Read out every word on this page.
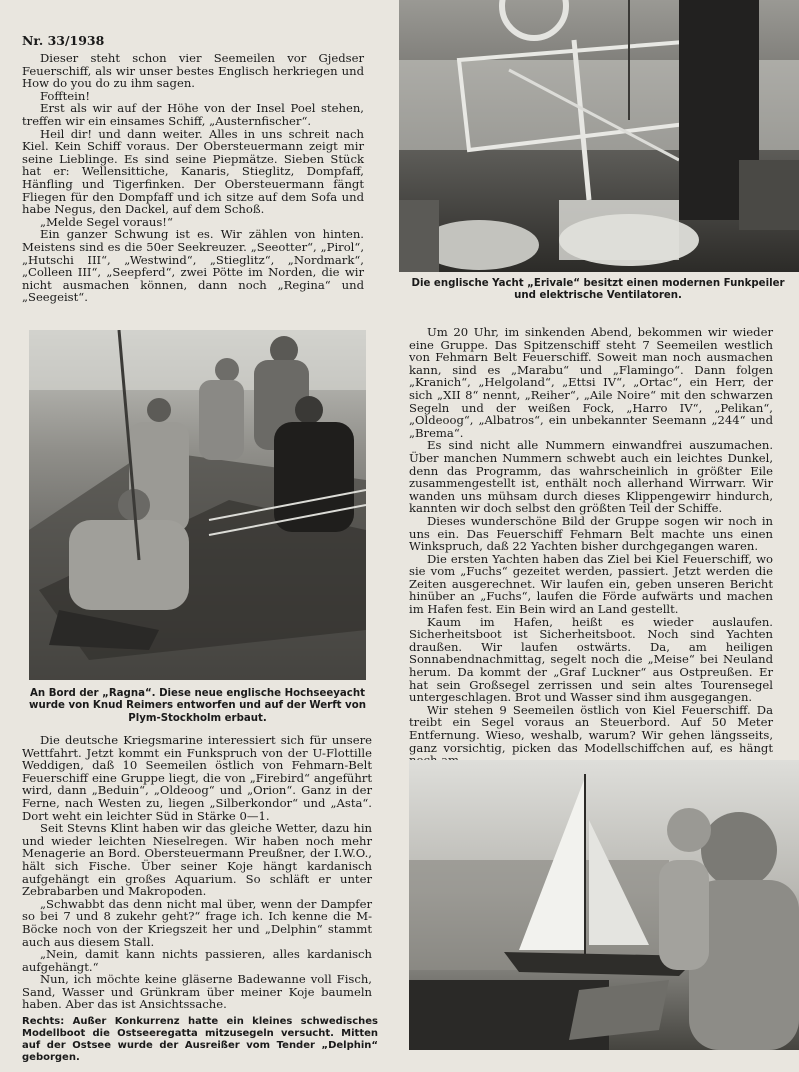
Nr. 33/1938

Dieser steht schon vier Seemeilen vor Gjedser Feuerschiff, als wir unser bestes Englisch herkriegen und How do you do zu ihm sagen.

Fofftein!

Erst als wir auf der Höhe von der Insel Poel stehen, treffen wir ein einsames Schiff, „Austernfischer“.

Heil dir! und dann weiter. Alles in uns schreit nach Kiel. Kein Schiff voraus. Der Obersteuermann zeigt mir seine Lieblinge. Es sind seine Piepmätze. Sieben Stück hat er: Wellensittiche, Kanaris, Stieglitz, Dompfaff, Hänfling und Tigerfinken. Der Obersteuermann fängt Fliegen für den Dompfaff und ich sitze auf dem Sofa und habe Negus, den Dackel, auf dem Schoß.

„Melde Segel voraus!“

Ein ganzer Schwung ist es. Wir zählen von hinten. Meistens sind es die 50er Seekreuzer. „Seeotter“, „Pirol“, „Hutschi III“, „Westwind“, „Stieglitz“, „Nordmark“, „Colleen III“, „Seepferd“, zwei Pötte im Norden, die wir nicht ausmachen können, dann noch „Regina“ und „Seegeist“.

An Bord der „Ragna“. Diese neue englische Hochseeyacht wurde von Knud Reimers entworfen und auf der Werft von Plym-Stockholm erbaut.

Die deutsche Kriegsmarine interessiert sich für unsere Wettfahrt. Jetzt kommt ein Funkspruch von der U-Flottille Weddigen, daß 10 Seemeilen östlich von Fehmarn-Belt Feuerschiff eine Gruppe liegt, die von „Firebird“ angeführt wird, dann „Beduin“, „Oldeoog“ und „Orion“. Ganz in der Ferne, nach Westen zu, liegen „Silberkondor“ und „Asta“. Dort weht ein leichter Süd in Stärke 0—1.

Seit Stevns Klint haben wir das gleiche Wetter, dazu hin und wieder leichten Nieselregen. Wir haben noch mehr Menagerie an Bord. Obersteuermann Preußner, der I.W.O., hält sich Fische. Über seiner Koje hängt kardanisch aufgehängt ein großes Aquarium. So schläft er unter Zebrabarben und Makropoden.

„Schwabbt das denn nicht mal über, wenn der Dampfer so bei 7 und 8 zukehr geht?“ frage ich. Ich kenne die M-Böcke noch von der Kriegszeit her und „Delphin“ stammt auch aus diesem Stall.

„Nein, damit kann nichts passieren, alles kardanisch aufgehängt.“

Nun, ich möchte keine gläserne Badewanne voll Fisch, Sand, Wasser und Grünkram über meiner Koje baumeln haben. Aber das ist Ansichtssache.

Rechts: Außer Konkurrenz hatte ein kleines schwedisches Modellboot die Ostseeregatta mitzusegeln versucht. Mitten auf der Ostsee wurde der Ausreißer vom Tender „Delphin“ geborgen.
Die englische Yacht „Erivale“ besitzt einen modernen Funkpeiler und elektrische Ventilatoren.

Um 20 Uhr, im sinkenden Abend, bekommen wir wieder eine Gruppe. Das Spitzenschiff steht 7 Seemeilen westlich von Fehmarn Belt Feuerschiff. Soweit man noch ausmachen kann, sind es „Marabu“ und „Flamingo“. Dann folgen „Kranich“, „Helgoland“, „Ettsi IV“, „Ortac“, ein Herr, der sich „XII 8“ nennt, „Reiher“, „Aile Noire“ mit den schwarzen Segeln und der weißen Fock, „Harro IV“, „Pelikan“, „Oldeoog“, „Albatros“, ein unbekannter Seemann „244“ und „Brema“.

Es sind nicht alle Nummern einwandfrei auszumachen. Über manchen Nummern schwebt auch ein leichtes Dunkel, denn das Programm, das wahrscheinlich in größter Eile zusammengestellt ist, enthält noch allerhand Wirrwarr. Wir wanden uns mühsam durch dieses Klippengewirr hindurch, kannten wir doch selbst den größten Teil der Schiffe.

Dieses wunderschöne Bild der Gruppe sogen wir noch in uns ein. Das Feuerschiff Fehmarn Belt machte uns einen Winkspruch, daß 22 Yachten bisher durchgegangen waren.

Die ersten Yachten haben das Ziel bei Kiel Feuerschiff, wo sie vom „Fuchs“ gezeitet werden, passiert. Jetzt werden die Zeiten ausgerechnet. Wir laufen ein, geben unseren Bericht hinüber an „Fuchs“, laufen die Förde aufwärts und machen im Hafen fest. Ein Bein wird an Land gestellt.

Kaum im Hafen, heißt es wieder auslaufen. Sicherheitsboot ist Sicherheitsboot. Noch sind Yachten draußen. Wir laufen ostwärts. Da, am heiligen Sonnabendnachmittag, segelt noch die „Meise“ bei Neuland herum. Da kommt der „Graf Luckner“ aus Ostpreußen. Er hat sein Großsegel zerrissen und sein altes Tourensegel untergeschlagen. Brot und Wasser sind ihm ausgegangen.

Wir stehen 9 Seemeilen östlich von Kiel Feuerschiff. Da treibt ein Segel voraus an Steuerbord. Auf 50 Meter Entfernung. Wieso, weshalb, warum? Wir gehen längsseits, ganz vorsichtig, picken das Modellschiffchen auf, es hängt
